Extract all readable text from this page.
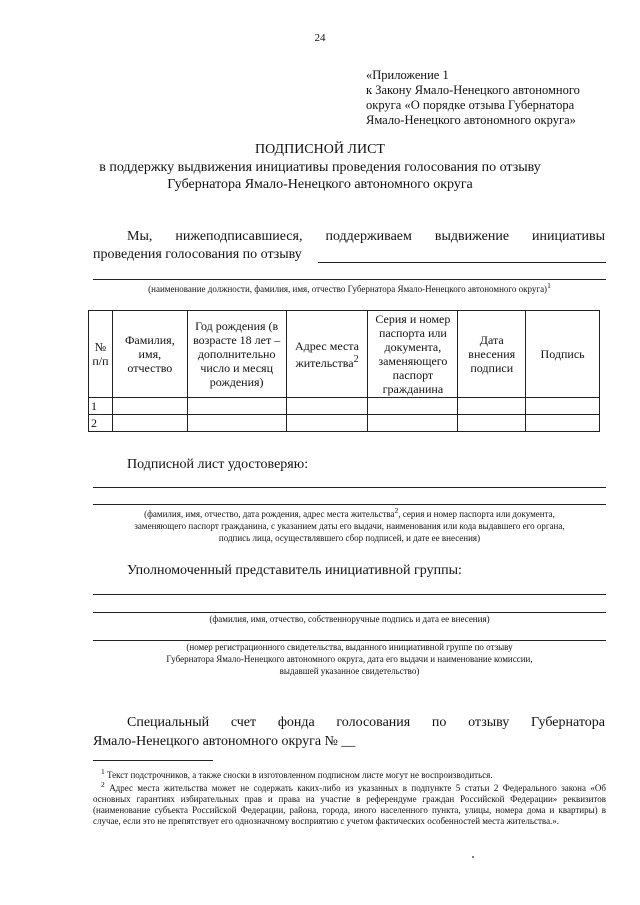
24
«Приложение 1
к Закону Ямало-Ненецкого автономного
округа «О порядке отзыва Губернатора
Ямало-Ненецкого автономного округа»
ПОДПИСНОЙ ЛИСТ
в поддержку выдвижения инициативы проведения голосования по отзыву
Губернатора Ямало-Ненецкого автономного округа
Мы, нижеподписавшиеся, поддерживаем выдвижение инициативы
проведения голосования по отзыву
(наименование должности, фамилия, имя, отчество Губернатора Ямало-Ненецкого автономного округа)$^1$
№ п/п	Фамилия, имя, отчество	Год рождения (в возрасте 18 лет – дополнительно число и месяц рождения)	Адрес места жительства$^2$	Серия и номер паспорта или документа, заменяющего паспорт гражданина	Дата внесения подписи	Подпись
1						
2						
Подписной лист удостоверяю:
(фамилия, имя, отчество, дата рождения, адрес места жительства$^2$, серия и номер паспорта или документа,
заменяющего паспорт гражданина, с указанием даты его выдачи, наименования или кода выдавшего его органа,
подпись лица, осуществлявшего сбор подписей, и дате ее внесения)
Уполномоченный представитель инициативной группы:
(фамилия, имя, отчество, собственноручные подпись и дата ее внесения)
(номер регистрационного свидетельства, выданного инициативной группе по отзыву
Губернатора Ямало-Ненецкого автономного округа, дата его выдачи и наименование комиссии,
выдавшей указанное свидетельство)
Специальный счет фонда голосования по отзыву Губернатора
Ямало-Ненецкого автономного округа № __
$^1$ Текст подстрочников, а также сноски в изготовленном подписном листе могут не воспроизводиться.
$^2$ Адрес места жительства может не содержать каких-либо из указанных в подпункте 5 статьи 2 Федерального закона «Об основных гарантиях избирательных прав и права на участие в референдуме граждан Российской Федерации» реквизитов (наименование субъекта Российской Федерации, района, города, иного населенного пункта, улицы, номера дома и квартиры) в случае, если это не препятствует его однозначному восприятию с учетом фактических особенностей места жительства.».
